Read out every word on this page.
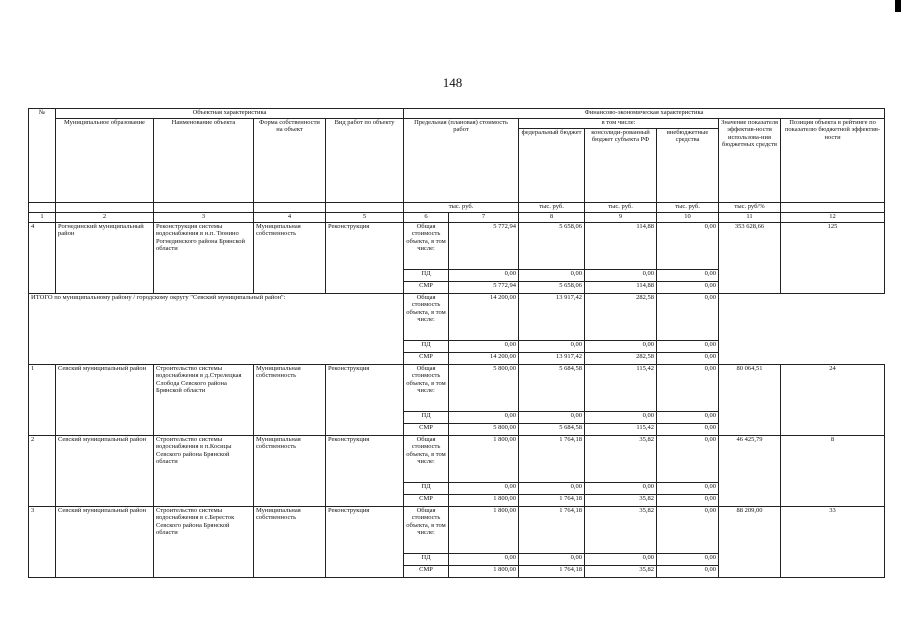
148
№	Объектная характеристика				Финансово-экономическая характеристика						
	Муниципальное образование	Наименование объекта	Форма собственности на объект	Вид работ по объекту	Предельная (плановая) стоимость работ		в том числе:			Значение показателя эффектив-ности использова-ния бюджетных средств	Позиция объекта в рейтинге по показателю бюджетной эффектив-ности
							федеральный бюджет	консолиди-рованный бюджет субъекта РФ	внебюджетные средства		
					тыс. руб.		тыс. руб.	тыс. руб.	тыс. руб.	тыс. руб/%	
1	2	3	4	5	6	7	8	9	10	11	12
4	Рогнединский муниципальный район	Реконструкция системы водоснабжения в н.п. Тюнино Рогнединского района Брянской области	Муниципальная собственность	Реконструкция	Общая стоимость объекта, в том числе:	5 772,94	5 658,06	114,88	0,00	353 628,66	125
					ПД	0,00	0,00	0,00	0,00		
					СМР	5 772,94	5 658,06	114,88	0,00		
ИТОГО по муниципальному району / городскому округу "Севский муниципальный район":					Общая стоимость объекта, в том числе:	14 200,00	13 917,42	282,58	0,00		
					ПД	0,00	0,00	0,00	0,00		
					СМР	14 200,00	13 917,42	282,58	0,00		
1	Севский муниципальный район	Строительство системы водоснабжения в д.Стрелецкая Слобода Севского района Брянской области	Муниципальная собственность	Реконструкция	Общая стоимость объекта, в том числе:	5 800,00	5 684,58	115,42	0,00	80 064,51	24
					ПД	0,00	0,00	0,00	0,00		
					СМР	5 800,00	5 684,58	115,42	0,00		
2	Севский муниципальный район	Строительство системы водоснабжения в п.Косицы Севского района Брянской области	Муниципальная собственность	Реконструкция	Общая стоимость объекта, в том числе:	1 800,00	1 764,18	35,82	0,00	46 425,79	8
					ПД	0,00	0,00	0,00	0,00		
					СМР	1 800,00	1 764,18	35,82	0,00		
3	Севский муниципальный район	Строительство системы водоснабжения в с.Бересток Севского района Брянской области	Муниципальная собственность	Реконструкция	Общая стоимость объекта, в том числе:	1 800,00	1 764,18	35,82	0,00	88 209,00	33
					ПД	0,00	0,00	0,00	0,00		
					СМР	1 800,00	1 764,18	35,82	0,00		
